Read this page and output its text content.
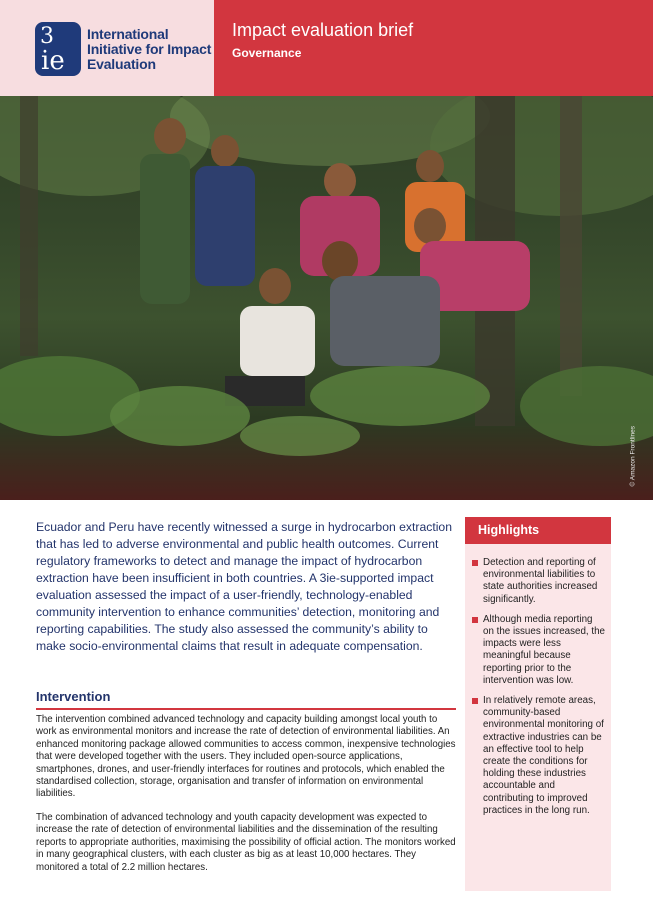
3
ie
International Initiative for Impact Evaluation
Impact evaluation brief
Governance
© Amazon Frontlines
Ecuador and Peru have recently witnessed a surge in hydrocarbon extraction that has led to adverse environmental and public health outcomes. Current regulatory frameworks to detect and manage the impact of hydrocarbon extraction have been insufficient in both countries. A 3ie-supported impact evaluation assessed the impact of a user-friendly, technology-enabled community intervention to enhance communities’ detection, monitoring and reporting capabilities. The study also assessed the community’s ability to make socio-environmental claims that result in adequate compensation.
Intervention
The intervention combined advanced technology and capacity building amongst local youth to work as environmental monitors and increase the rate of detection of environmental liabilities. An enhanced monitoring package allowed communities to access common, inexpensive technologies that were developed together with the users. They included open-source applications, smartphones, drones, and user-friendly interfaces for routines and protocols, which enabled the standardised collection, storage, organisation and transfer of information on environmental liabilities.
The combination of advanced technology and youth capacity development was expected to increase the rate of detection of environmental liabilities and the dissemination of the resulting reports to appropriate authorities, maximising the possibility of official action. The monitors worked in many geographical clusters, with each cluster as big as at least 10,000 hectares. They monitored a total of 2.2 million hectares.
Highlights
Detection and reporting of environmental liabilities to state authorities increased significantly.
Although media reporting on the issues increased, the impacts were less meaningful because reporting prior to the intervention was low.
In relatively remote areas, community-based environmental monitoring of extractive industries can be an effective tool to help create the conditions for holding these industries accountable and contributing to improved practices in the long run.
